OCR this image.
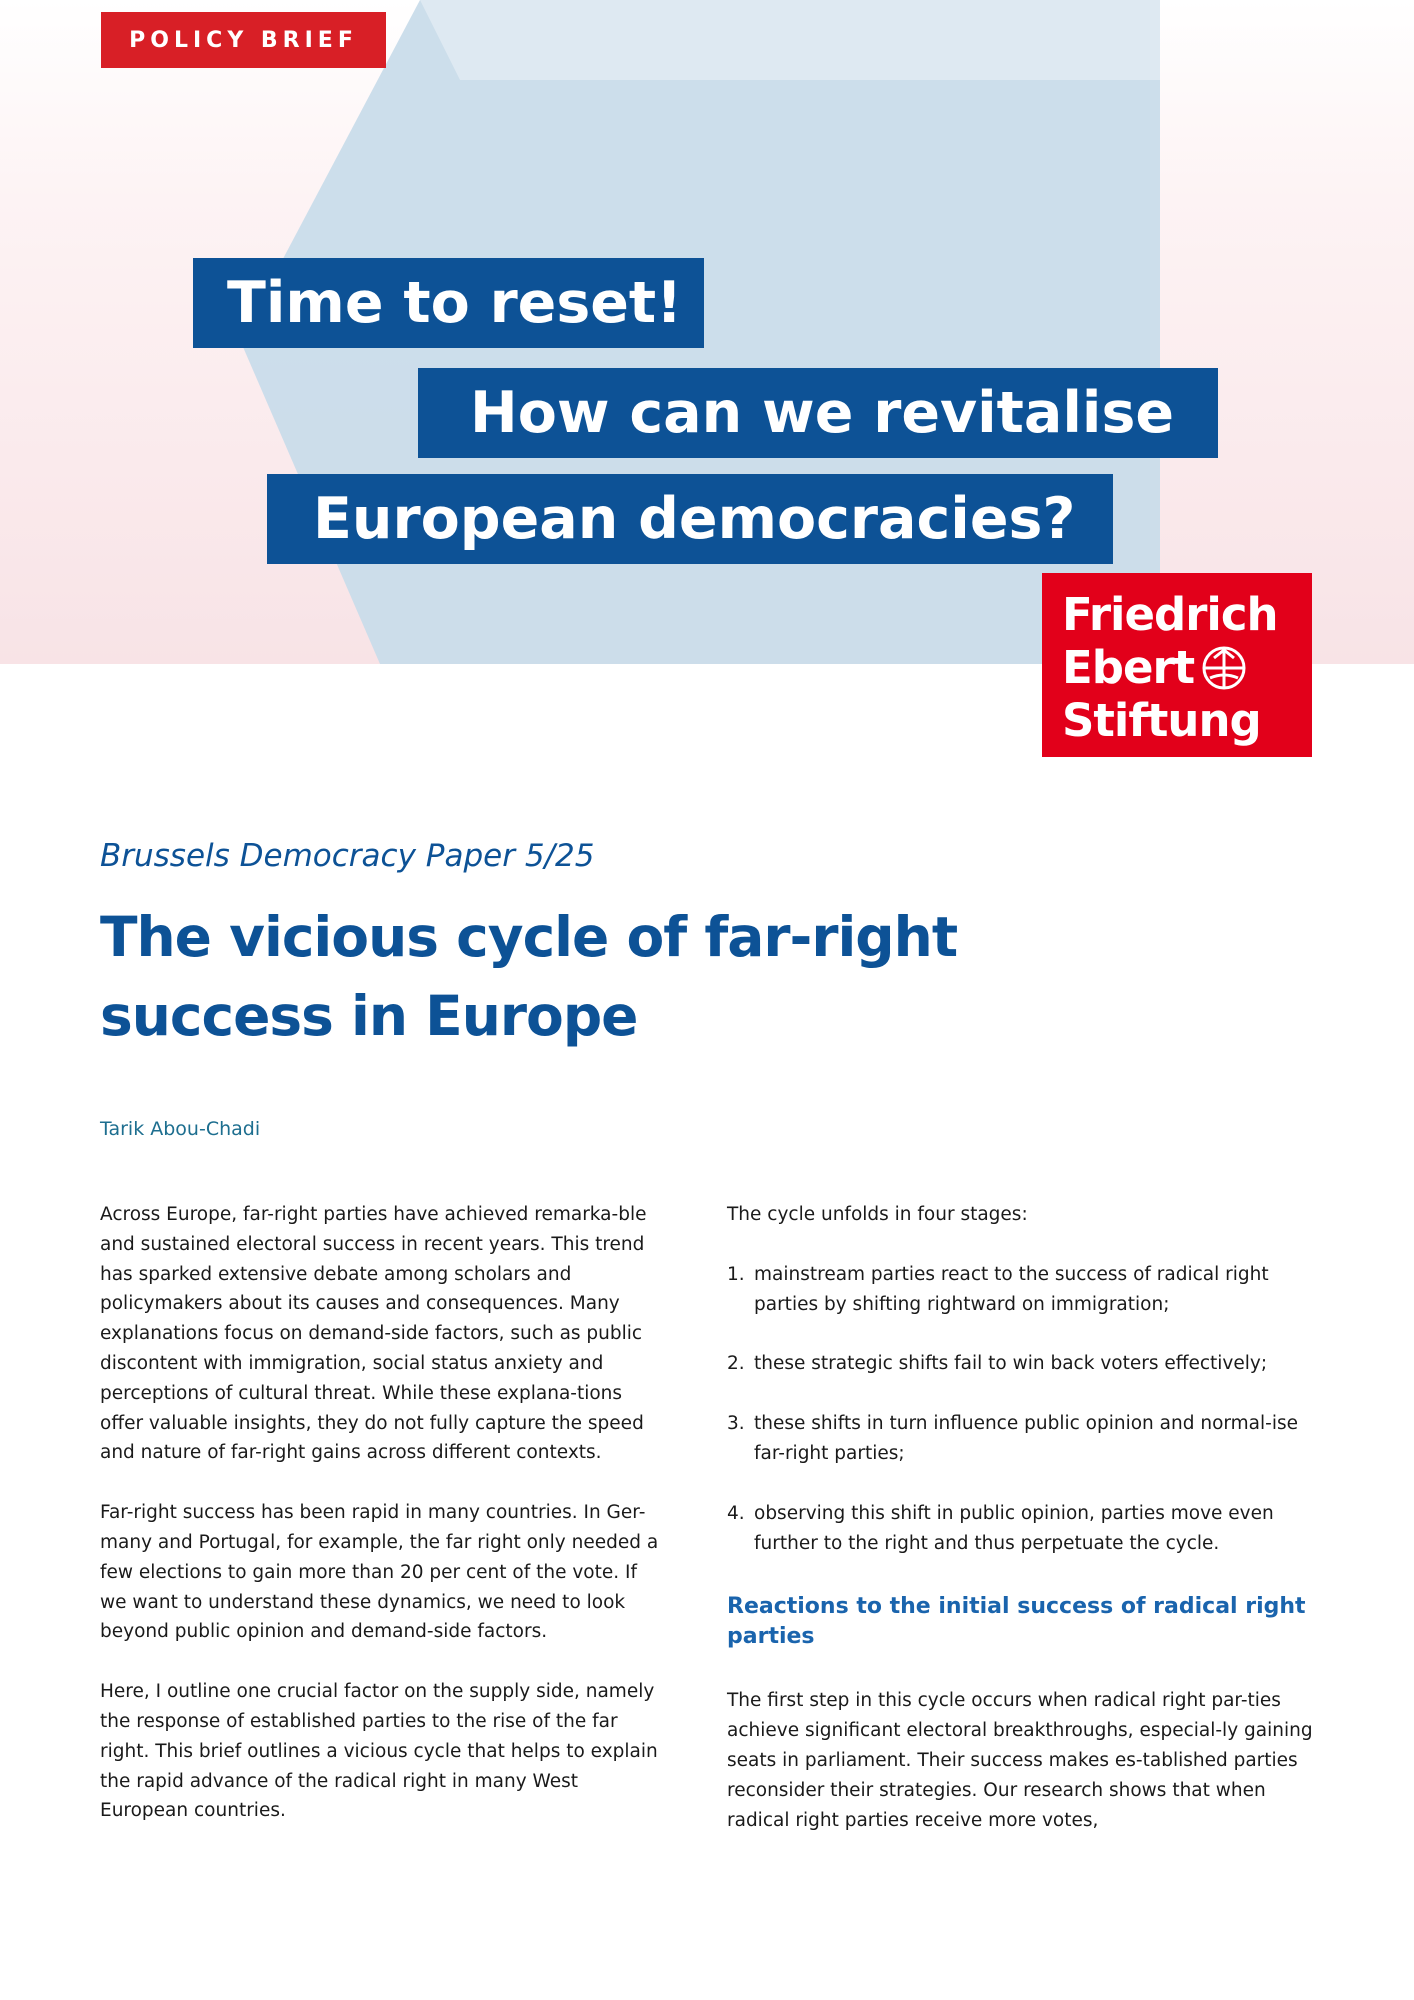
POLICY BRIEF
Time to reset!
How can we revitalise
European democracies?
Friedrich
Ebert
Stiftung
Brussels Democracy Paper 5/25
The vicious cycle of far-right
success in Europe
Tarik Abou-Chadi

Across Europe, far-right parties have achieved remarka-ble and sustained electoral success in recent years. This trend has sparked extensive debate among scholars and policymakers about its causes and consequences. Many explanations focus on demand-side factors, such as public discontent with immigration, social status anxiety and perceptions of cultural threat. While these explana-tions offer valuable insights, they do not fully capture the speed and nature of far-right gains across different contexts.

Far-right success has been rapid in many countries. In Ger-many and Portugal, for example, the far right only needed a few elections to gain more than 20 per cent of the vote. If we want to understand these dynamics, we need to look beyond public opinion and demand-side factors.

Here, I outline one crucial factor on the supply side, namely the response of established parties to the rise of the far right. This brief outlines a vicious cycle that helps to explain the rapid advance of the radical right in many West European countries.

The cycle unfolds in four stages:

1. mainstream parties react to the success of radical right parties by shifting rightward on immigration;
2. these strategic shifts fail to win back voters effectively;
3. these shifts in turn influence public opinion and normal-ise far-right parties;
4. observing this shift in public opinion, parties move even further to the right and thus perpetuate the cycle.
Reactions to the initial success of radical right parties

The first step in this cycle occurs when radical right par-ties achieve significant electoral breakthroughs, especial-ly gaining seats in parliament. Their success makes es-tablished parties reconsider their strategies. Our research shows that when radical right parties receive more votes,
